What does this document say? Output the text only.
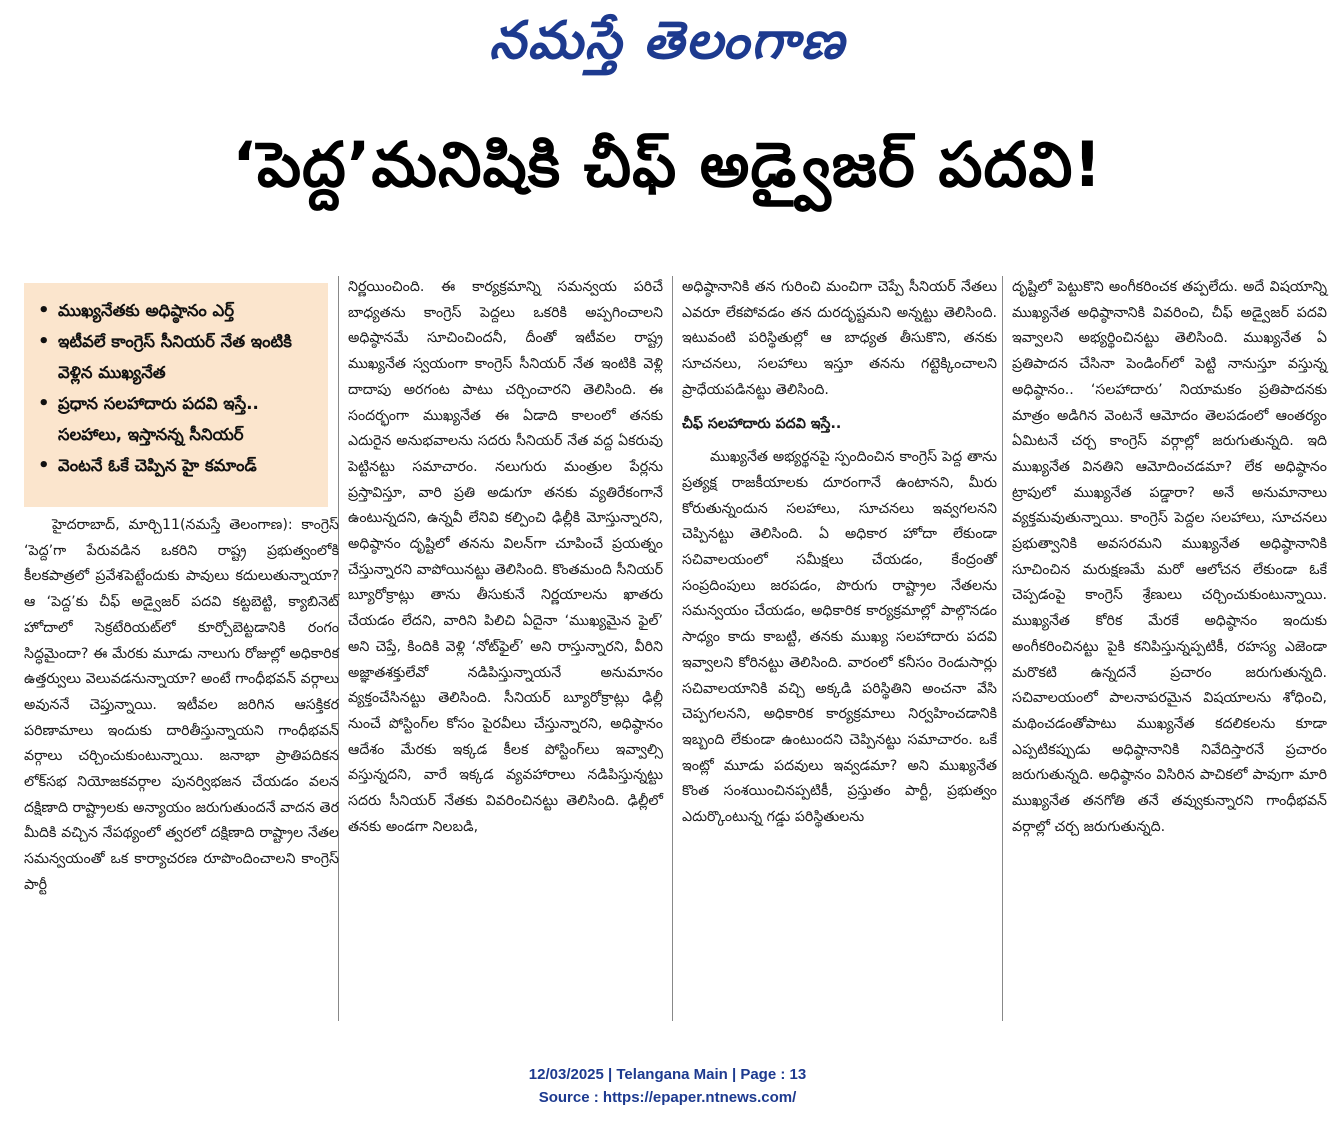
నమస్తే తెలంగాణ
‘పెద్ద’మనిషికి చీఫ్ అడ్వైజర్ పదవి!
• ముఖ్యనేతకు అధిష్ఠానం ఎర్త్
• ఇటీవలే కాంగ్రెస్ సీనియర్ నేత ఇంటికి వెళ్లిన ముఖ్యనేత
• ప్రధాన సలహాదారు పదవి ఇస్తే.. సలహాలు, ఇస్తానన్న సీనియర్
• వెంటనే ఓకే చెప్పిన హై కమాండ్

హైదరాబాద్, మార్చి11(నమస్తే తెలంగాణ): కాంగ్రెస్ ‘పెద్ద’గా పేరువడిన ఒకరిని రాష్ట్ర ప్రభుత్వంలోకి కీలకపాత్రలో ప్రవేశపెట్టేందుకు పావులు కదులుతున్నాయా? ఆ ‘పెద్ద’కు చీఫ్ అడ్వైజర్ పదవి కట్టబెట్టి, క్యాబినెట్ హోదాలో సెక్రటేరియట్‌లో కూర్చోబెట్టడానికి రంగం సిద్ధమైందా? ఈ మేరకు మూడు నాలుగు రోజుల్లో అధికారిక ఉత్తర్వులు వెలువడనున్నాయా? అంటే గాంధీభవన్ వర్గాలు అవుననే చెప్తున్నాయి. ఇటీవల జరిగిన ఆసక్తికర పరిణామాలు ఇందుకు దారితీస్తున్నాయని గాంధీభవన్ వర్గాలు చర్చించుకుంటున్నాయి. జనాభా ప్రాతిపదికన లోక్‌సభ నియోజకవర్గాల పునర్విభజన చేయడం వలన దక్షిణాది రాష్ట్రాలకు అన్యాయం జరుగుతుందనే వాదన తెర మీదికి వచ్చిన నేపథ్యంలో త్వరలో దక్షిణాది రాష్ట్రాల నేతల సమన్వయంతో ఒక కార్యాచరణ రూపొందించాలని కాంగ్రెస్ పార్టీ

నిర్ణయించింది. ఈ కార్యక్రమాన్ని సమన్వయ పరిచే బాధ్యతను కాంగ్రెస్ పెద్దలు ఒకరికి అప్పగించాలని అధిష్ఠానమే సూచించిందనీ, దీంతో ఇటీవల రాష్ట్ర ముఖ్యనేత స్వయంగా కాంగ్రెస్ సీనియర్ నేత ఇంటికి వెళ్లి దాదాపు అరగంట పాటు చర్చించారని తెలిసింది. ఈ సందర్భంగా ముఖ్యనేత ఈ ఏడాది కాలంలో తనకు ఎదురైన అనుభవాలను సదరు సీనియర్ నేత వద్ద ఏకరువు పెట్టినట్టు సమాచారం. నలుగురు మంత్రుల పేర్లను ప్రస్తావిస్తూ, వారి ప్రతి అడుగూ తనకు వ్యతిరేకంగానే ఉంటున్నదని, ఉన్నవీ లేనివి కల్పించి ఢిల్లీకి మోస్తున్నారని, అధిష్ఠానం దృష్టిలో తనను విలన్‌గా చూపించే ప్రయత్నం చేస్తున్నారని వాపోయినట్టు తెలిసింది. కొంతమంది సీనియర్ బ్యూరోక్రాట్లు తాను తీసుకునే నిర్ణయాలను ఖాతరు చేయడం లేదని, వారిని పిలిచి ఏదైనా ‘ముఖ్యమైన ఫైల్’ అని చెప్తే, కిందికి వెళ్లి ‘నోట్‌ఫైల్’ అని రాస్తున్నారని, వీరిని అజ్ఞాతశక్తులేవో నడిపిస్తున్నాయనే అనుమానం వ్యక్తంచేసినట్టు తెలిసింది. సీనియర్ బ్యూరోక్రాట్లు ఢిల్లీ నుంచే పోస్టింగ్‌ల కోసం పైరవీలు చేస్తున్నారని, అధిష్ఠానం ఆదేశం మేరకు ఇక్కడ కీలక పోస్టింగ్‌లు ఇవ్వాల్సి వస్తున్నదని, వారే ఇక్కడ వ్యవహారాలు నడిపిస్తున్నట్టు సదరు సీనియర్ నేతకు వివరించినట్టు తెలిసింది. ఢిల్లీలో తనకు అండగా నిలబడి,

అధిష్ఠానానికి తన గురించి మంచిగా చెప్పే సీనియర్ నేతలు ఎవరూ లేకపోవడం తన దురదృష్టమని అన్నట్టు తెలిసింది. ఇటువంటి పరిస్థితుల్లో ఆ బాధ్యత తీసుకొని, తనకు సూచనలు, సలహాలు ఇస్తూ తనను గట్టెక్కించాలని ప్రాధేయపడినట్టు తెలిసింది.

చీఫ్ సలహాదారు పదవి ఇస్తే..

ముఖ్యనేత అభ్యర్థనపై స్పందించిన కాంగ్రెస్ పెద్ద తాను ప్రత్యక్ష రాజకీయాలకు దూరంగానే ఉంటానని, మీరు కోరుతున్నందున సలహాలు, సూచనలు ఇవ్వగలనని చెప్పినట్టు తెలిసింది. ఏ అధికార హోదా లేకుండా సచివాలయంలో సమీక్షలు చేయడం, కేంద్రంతో సంప్రదింపులు జరపడం, పొరుగు రాష్ట్రాల నేతలను సమన్వయం చేయడం, అధికారిక కార్యక్రమాల్లో పాల్గొనడం సాధ్యం కాదు కాబట్టి, తనకు ముఖ్య సలహాదారు పదవి ఇవ్వాలని కోరినట్టు తెలిసింది. వారంలో కనీసం రెండుసార్లు సచివాలయానికి వచ్చి అక్కడి పరిస్థితిని అంచనా వేసి చెప్పగలనని, అధికారిక కార్యక్రమాలు నిర్వహించడానికి ఇబ్బంది లేకుండా ఉంటుందని చెప్పినట్టు సమాచారం. ఒకే ఇంట్లో మూడు పదవులు ఇవ్వడమా? అని ముఖ్యనేత కొంత సంశయించినప్పటికీ, ప్రస్తుతం పార్టీ, ప్రభుత్వం ఎదుర్కొంటున్న గడ్డు పరిస్థితులను

దృష్టిలో పెట్టుకొని అంగీకరించక తప్పలేదు. అదే విషయాన్ని ముఖ్యనేత అధిష్ఠానానికి వివరించి, చీఫ్ అడ్వైజర్ పదవి ఇవ్వాలని అభ్యర్థించినట్టు తెలిసింది. ముఖ్యనేత ఏ ప్రతిపాదన చేసినా పెండింగ్‌లో పెట్టి నానుస్తూ వస్తున్న అధిష్ఠానం.. ‘సలహాదారు’ నియామకం ప్రతిపాదనకు మాత్రం అడిగిన వెంటనే ఆమోదం తెలపడంలో ఆంతర్యం ఏమిటనే చర్చ కాంగ్రెస్ వర్గాల్లో జరుగుతున్నది. ఇది ముఖ్యనేత వినతిని ఆమోదించడమా? లేక అధిష్ఠానం ట్రాపులో ముఖ్యనేత పడ్డారా? అనే అనుమానాలు వ్యక్తమవుతున్నాయి. కాంగ్రెస్ పెద్దల సలహాలు, సూచనలు ప్రభుత్వానికి అవసరమని ముఖ్యనేత అధిష్ఠానానికి సూచించిన మరుక్షణమే మరో ఆలోచన లేకుండా ఓకే చెప్పడంపై కాంగ్రెస్ శ్రేణులు చర్చించుకుంటున్నాయి. ముఖ్యనేత కోరిక మేరకే అధిష్ఠానం ఇందుకు అంగీకరించినట్టు పైకి కనిపిస్తున్నప్పటికీ, రహస్య ఎజెండా మరొకటి ఉన్నదనే ప్రచారం జరుగుతున్నది. సచివాలయంలో పాలనాపరమైన విషయాలను శోధించి, మథించడంతోపాటు ముఖ్యనేత కదలికలను కూడా ఎప్పటికప్పుడు అధిష్ఠానానికి నివేదిస్తారనే ప్రచారం జరుగుతున్నది. అధిష్ఠానం విసిరిన పాచికలో పావుగా మారి ముఖ్యనేత తనగోతి తనే తవ్వుకున్నారని గాంధీభవన్ వర్గాల్లో చర్చ జరుగుతున్నది.

12/03/2025 | Telangana Main | Page : 13
Source : https://epaper.ntnews.com/
